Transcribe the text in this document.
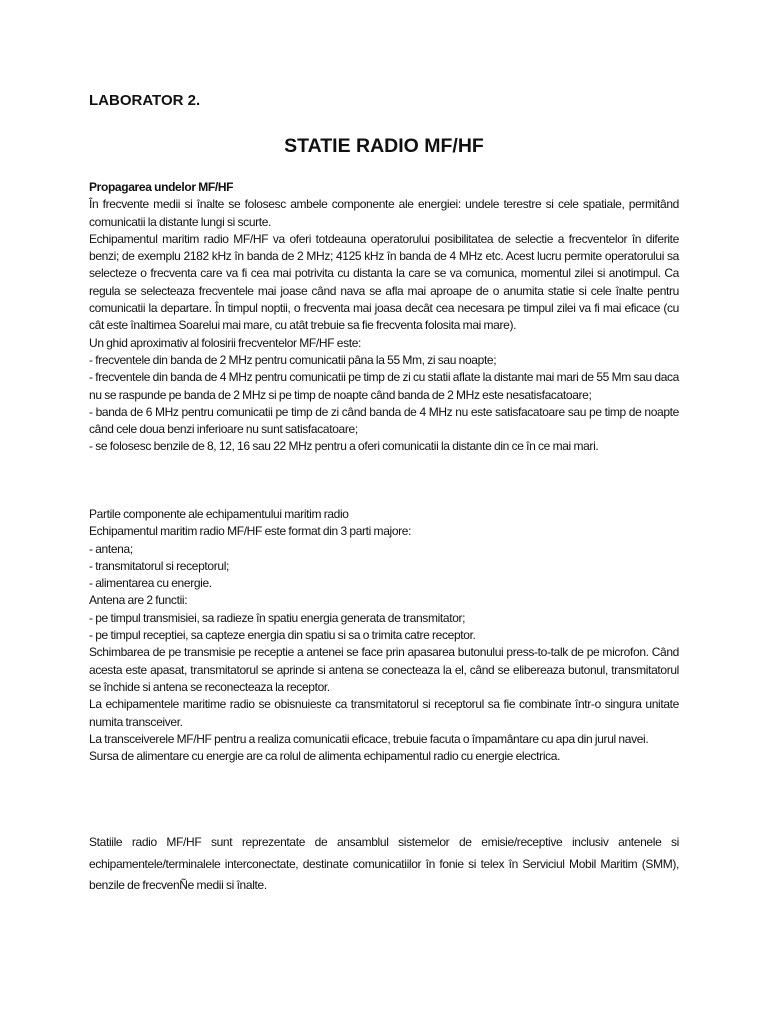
LABORATOR 2.
STATIE RADIO MF/HF

Propagarea undelor MF/HF

În frecvente medii si înalte se folosesc ambele componente ale energiei: undele terestre si cele spatiale, permitând comunicatii la distante lungi si scurte.

Echipamentul maritim radio MF/HF va oferi totdeauna operatorului posibilitatea de selectie a frecventelor în diferite benzi; de exemplu 2182 kHz în banda de 2 MHz; 4125 kHz în banda de 4 MHz etc. Acest lucru permite operatorului sa selecteze o frecventa care va fi cea mai potrivita cu distanta la care se va comunica, momentul zilei si anotimpul. Ca regula se selecteaza frecventele mai joase când nava se afla mai aproape de o anumita statie si cele înalte pentru comunicatii la departare. În timpul noptii, o frecventa mai joasa decât cea necesara pe timpul zilei va fi mai eficace (cu cât este înaltimea Soarelui mai mare, cu atât trebuie sa fie frecventa folosita mai mare).

Un ghid aproximativ al folosirii frecventelor MF/HF este:

- frecventele din banda de 2 MHz pentru comunicatii pâna la 55 Mm, zi sau noapte;

- frecventele din banda de 4 MHz pentru comunicatii pe timp de zi cu statii aflate la distante mai mari de 55 Mm sau daca nu se raspunde pe banda de 2 MHz si pe timp de noapte când banda de 2 MHz este nesatisfacatoare;

- banda de 6 MHz pentru comunicatii pe timp de zi când banda de 4 MHz nu este satisfacatoare sau pe timp de noapte când cele doua benzi inferioare nu sunt satisfacatoare;

- se folosesc benzile de 8, 12, 16 sau 22 MHz pentru a oferi comunicatii la distante din ce în ce mai mari.

Partile componente ale echipamentului maritim radio

Echipamentul maritim radio MF/HF este format din 3 parti majore:

- antena;

- transmitatorul si receptorul;

- alimentarea cu energie.

Antena are 2 functii:

- pe timpul transmisiei, sa radieze în spatiu energia generata de transmitator;

- pe timpul receptiei, sa capteze energia din spatiu si sa o trimita catre receptor.

Schimbarea de pe transmisie pe receptie a antenei se face prin apasarea butonului press-to-talk de pe microfon. Când acesta este apasat, transmitatorul se aprinde si antena se conecteaza la el, când se elibereaza butonul, transmitatorul se închide si antena se reconecteaza la receptor.

La echipamentele maritime radio se obisnuieste ca transmitatorul si receptorul sa fie combinate într-o singura unitate numita transceiver.

La transceiverele MF/HF pentru a realiza comunicatii eficace, trebuie facuta o împamântare cu apa din jurul navei.

Sursa de alimentare cu energie are ca rolul de alimenta echipamentul radio cu energie electrica.

Statiile radio MF/HF sunt reprezentate de ansamblul sistemelor de emisie/receptive inclusiv antenele si echipamentele/terminalele interconectate, destinate comunicatiilor în fonie si telex în Serviciul Mobil Maritim (SMM), benzile de frecvenÑe medii si înalte.
